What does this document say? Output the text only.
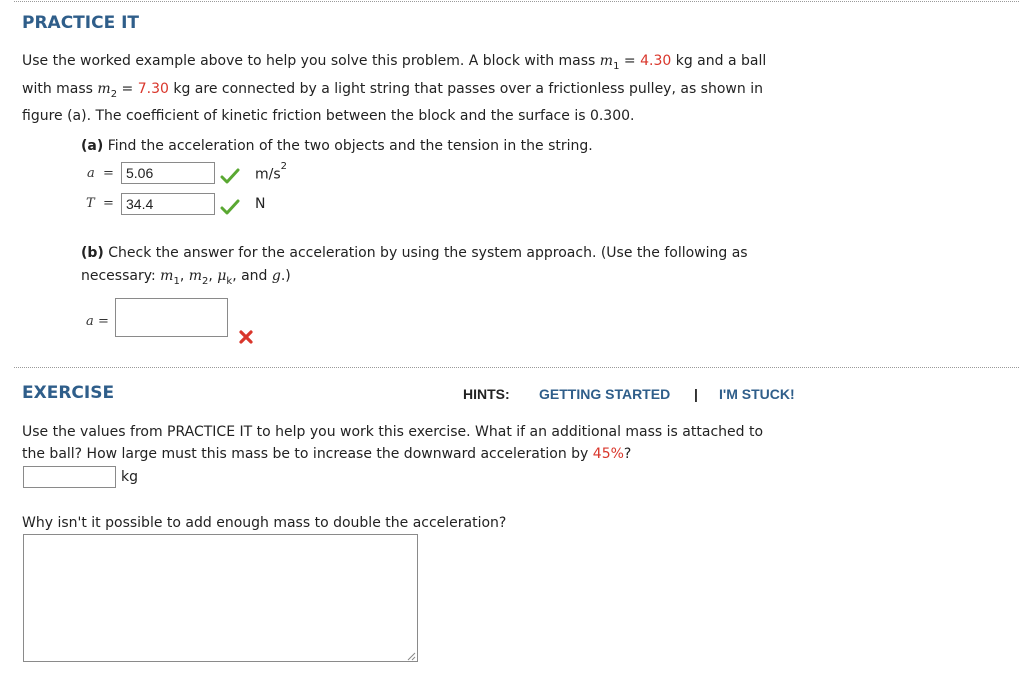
PRACTICE IT
Use the worked example above to help you solve this problem. A block with mass $m_1 = 4.30$ kg and a ball
with mass $m_2 = 7.30$ kg are connected by a light string that passes over a frictionless pulley, as shown in
figure (a). The coefficient of kinetic friction between the block and the surface is 0.300.
(a) Find the acceleration of the two objects and the tension in the string.
a = 5.06	$m/s^2$
T = 34.4	N
(b) Check the answer for the acceleration by using the system approach. (Use the following as
necessary: $m_1$, $m_2$, $\mu_k$, and g.)
a =
EXERCISE	HINTS: GETTING STARTED | I'M STUCK!
Use the values from PRACTICE IT to help you work this exercise. What if an additional mass is attached to
the ball? How large must this mass be to increase the downward acceleration by 45%?
kg
Why isn't it possible to add enough mass to double the acceleration?
